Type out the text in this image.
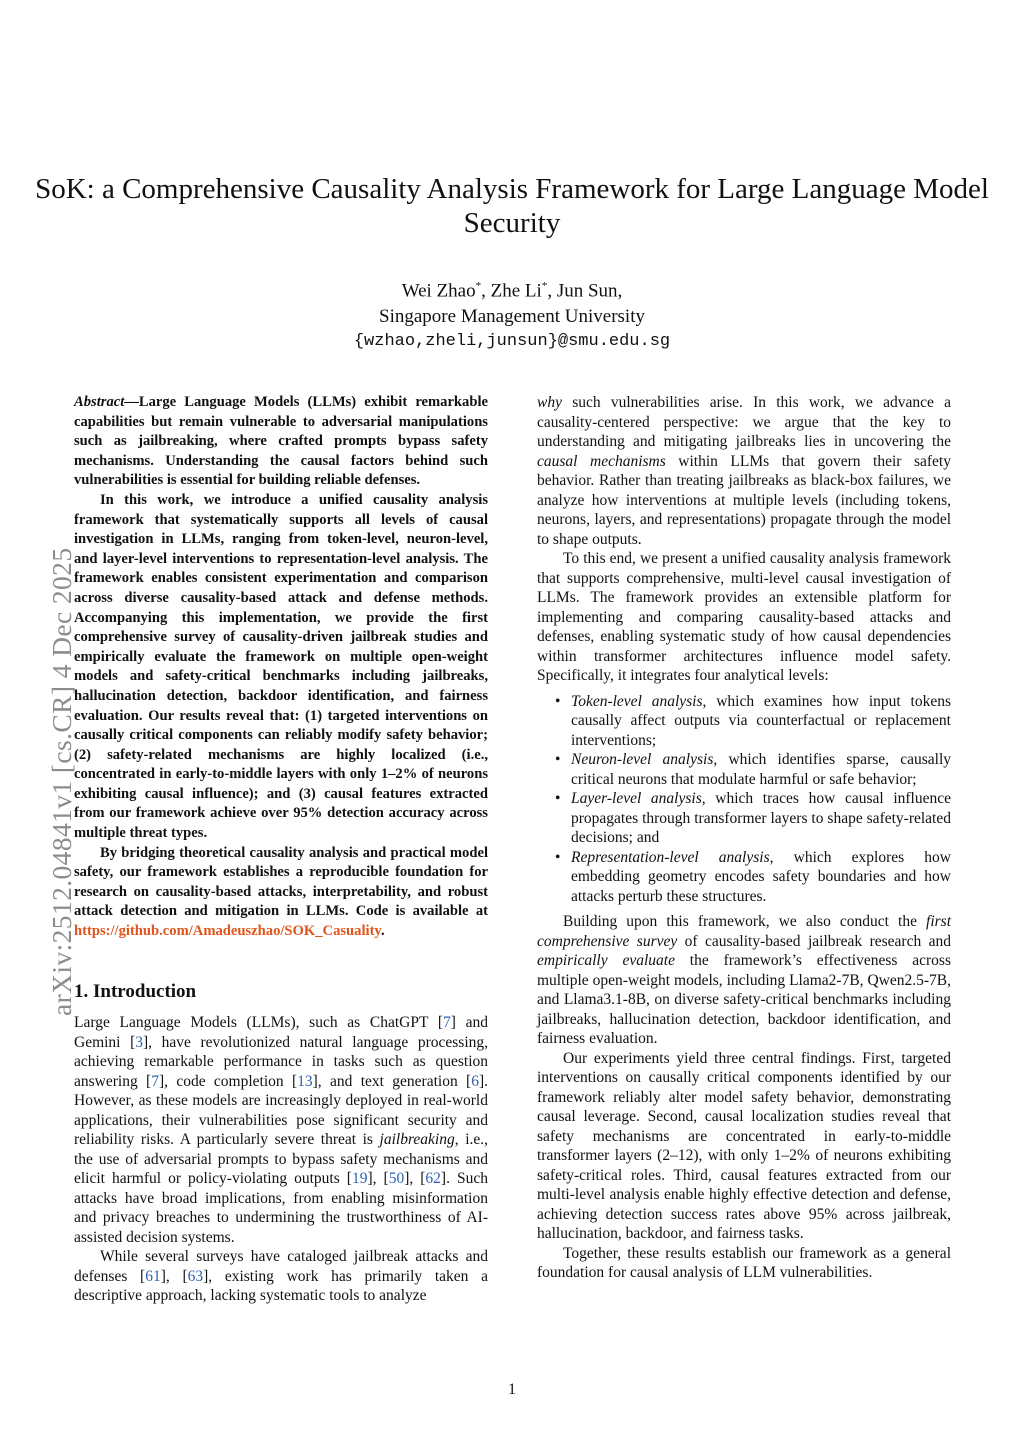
arXiv:2512.04841v1 [cs.CR] 4 Dec 2025
SoK: a Comprehensive Causality Analysis Framework for Large Language Model Security
Wei Zhao*, Zhe Li*, Jun Sun,
Singapore Management University
{wzhao,zheli,junsun}@smu.edu.sg

Abstract—Large Language Models (LLMs) exhibit remarkable capabilities but remain vulnerable to adversarial manipulations such as jailbreaking, where crafted prompts bypass safety mechanisms. Understanding the causal factors behind such vulnerabilities is essential for building reliable defenses.

In this work, we introduce a unified causality analysis framework that systematically supports all levels of causal investigation in LLMs, ranging from token-level, neuron-level, and layer-level interventions to representation-level analysis. The framework enables consistent experimentation and comparison across diverse causality-based attack and defense methods. Accompanying this implementation, we provide the first comprehensive survey of causality-driven jailbreak studies and empirically evaluate the framework on multiple open-weight models and safety-critical benchmarks including jailbreaks, hallucination detection, backdoor identification, and fairness evaluation. Our results reveal that: (1) targeted interventions on causally critical components can reliably modify safety behavior; (2) safety-related mechanisms are highly localized (i.e., concentrated in early-to-middle layers with only 1–2% of neurons exhibiting causal influence); and (3) causal features extracted from our framework achieve over 95% detection accuracy across multiple threat types.

By bridging theoretical causality analysis and practical model safety, our framework establishes a reproducible foundation for research on causality-based attacks, interpretability, and robust attack detection and mitigation in LLMs. Code is available at https://github.com/Amadeuszhao/SOK_Casuality.

1. Introduction

Large Language Models (LLMs), such as ChatGPT [7] and Gemini [3], have revolutionized natural language processing, achieving remarkable performance in tasks such as question answering [7], code completion [13], and text generation [6]. However, as these models are increasingly deployed in real-world applications, their vulnerabilities pose significant security and reliability risks. A particularly severe threat is jailbreaking, i.e., the use of adversarial prompts to bypass safety mechanisms and elicit harmful or policy-violating outputs [19], [50], [62]. Such attacks have broad implications, from enabling misinformation and privacy breaches to undermining the trustworthiness of AI-assisted decision systems.

While several surveys have cataloged jailbreak attacks and defenses [61], [63], existing work has primarily taken a descriptive approach, lacking systematic tools to analyze

why such vulnerabilities arise. In this work, we advance a causality-centered perspective: we argue that the key to understanding and mitigating jailbreaks lies in uncovering the causal mechanisms within LLMs that govern their safety behavior. Rather than treating jailbreaks as black-box failures, we analyze how interventions at multiple levels (including tokens, neurons, layers, and representations) propagate through the model to shape outputs.

To this end, we present a unified causality analysis framework that supports comprehensive, multi-level causal investigation of LLMs. The framework provides an extensible platform for implementing and comparing causality-based attacks and defenses, enabling systematic study of how causal dependencies within transformer architectures influence model safety. Specifically, it integrates four analytical levels:

• Token-level analysis, which examines how input tokens causally affect outputs via counterfactual or replacement interventions;
• Neuron-level analysis, which identifies sparse, causally critical neurons that modulate harmful or safe behavior;
• Layer-level analysis, which traces how causal influence propagates through transformer layers to shape safety-related decisions; and
• Representation-level analysis, which explores how embedding geometry encodes safety boundaries and how attacks perturb these structures.

Building upon this framework, we also conduct the first comprehensive survey of causality-based jailbreak research and empirically evaluate the framework’s effectiveness across multiple open-weight models, including Llama2-7B, Qwen2.5-7B, and Llama3.1-8B, on diverse safety-critical benchmarks including jailbreaks, hallucination detection, backdoor identification, and fairness evaluation.

Our experiments yield three central findings. First, targeted interventions on causally critical components identified by our framework reliably alter model safety behavior, demonstrating causal leverage. Second, causal localization studies reveal that safety mechanisms are concentrated in early-to-middle transformer layers (2–12), with only 1–2% of neurons exhibiting safety-critical roles. Third, causal features extracted from our multi-level analysis enable highly effective detection and defense, achieving detection success rates above 95% across jailbreak, hallucination, backdoor, and fairness tasks.

Together, these results establish our framework as a general foundation for causal analysis of LLM vulnerabilities.

1
